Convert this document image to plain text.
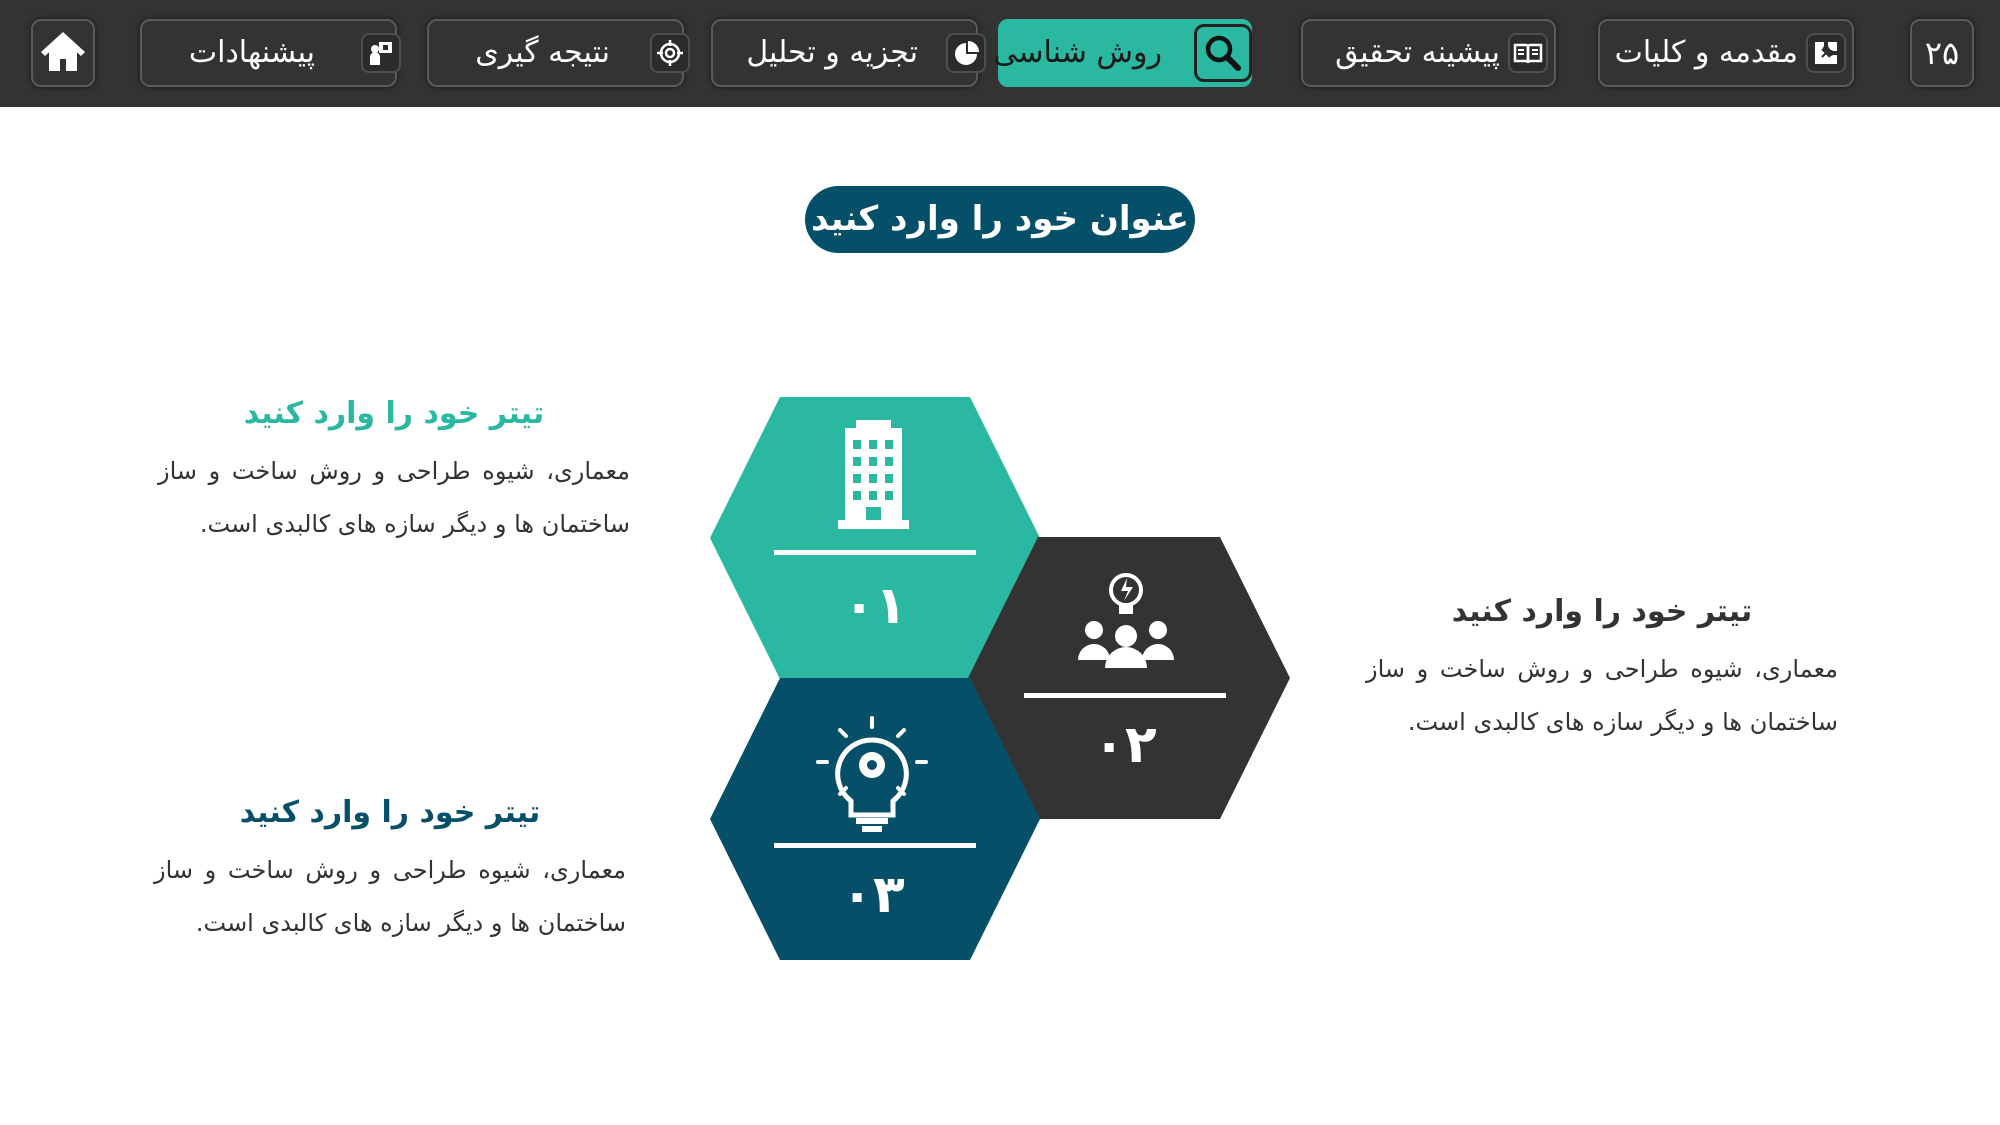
۲۵
مقدمه و کلیات
پیشینه تحقیق
روش شناسی
تجزیه و تحلیل
نتیجه گیری
پیشنهادات
عنوان خود را وارد کنید
۰۱
۰۲
۰۳
تیتر خود را وارد کنید
معماری، شیوه طراحی و روش ساخت و ساز ساختمان ها و دیگر سازه های کالبدی است.
تیتر خود را وارد کنید
معماری، شیوه طراحی و روش ساخت و ساز ساختمان ها و دیگر سازه های کالبدی است.
تیتر خود را وارد کنید
معماری، شیوه طراحی و روش ساخت و ساز ساختمان ها و دیگر سازه های کالبدی است.
